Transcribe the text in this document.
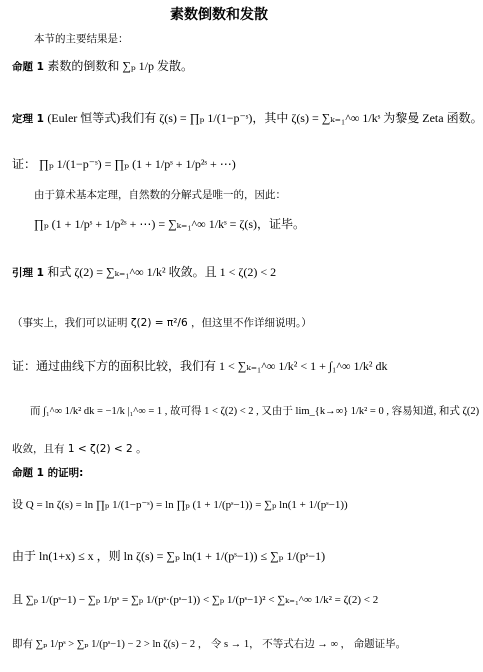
素数倒数和发散
本节的主要结果是：
命题 1 素数的倒数和 ∑ₚ 1/p 发散。
定理 1 (Euler 恒等式)我们有 ζ(s) = ∏ₚ 1/(1−p⁻ˢ)，其中 ζ(s) = ∑ₖ₌₁^∞ 1/kˢ 为黎曼 Zeta 函数。
证： ∏ₚ 1/(1−p⁻ˢ) = ∏ₚ (1 + 1/pˢ + 1/p²ˢ + ⋯)
由于算术基本定理，自然数的分解式是唯一的，因此：
∏ₚ (1 + 1/pˢ + 1/p²ˢ + ⋯) = ∑ₖ₌₁^∞ 1/kˢ = ζ(s)，证毕。
引理 1 和式 ζ(2) = ∑ₖ₌₁^∞ 1/k² 收敛。且 1 < ζ(2) < 2
（事实上，我们可以证明 ζ(2) = π²/6 ，但这里不作详细说明。）
证：通过曲线下方的面积比较，我们有 1 < ∑ₖ₌₁^∞ 1/k² < 1 + ∫₁^∞ 1/k² dk
而 ∫₁^∞ 1/k² dk = −1/k |₁^∞ = 1 , 故可得 1 < ζ(2) < 2 , 又由于 lim_{k→∞} 1/k² = 0 , 容易知道, 和式 ζ(2)
收敛，且有 1 < ζ(2) < 2 。
命题 1 的证明:
设 Q = ln ζ(s) = ln ∏ₚ 1/(1−p⁻ˢ) = ln ∏ₚ (1 + 1/(pˢ−1)) = ∑ₚ ln(1 + 1/(pˢ−1))
由于 ln(1+x) ≤ x ，则 ln ζ(s) = ∑ₚ ln(1 + 1/(pˢ−1)) ≤ ∑ₚ 1/(pˢ−1)
且 ∑ₚ 1/(pˢ−1) − ∑ₚ 1/pˢ = ∑ₚ 1/(pˢ·(pˢ−1)) < ∑ₚ 1/(pˢ−1)² < ∑ₖ₌₁^∞ 1/k² = ζ(2) < 2
即有 ∑ₚ 1/pˢ > ∑ₚ 1/(pˢ−1) − 2 > ln ζ(s) − 2 ， 令 s → 1， 不等式右边 → ∞ ， 命题证毕。
